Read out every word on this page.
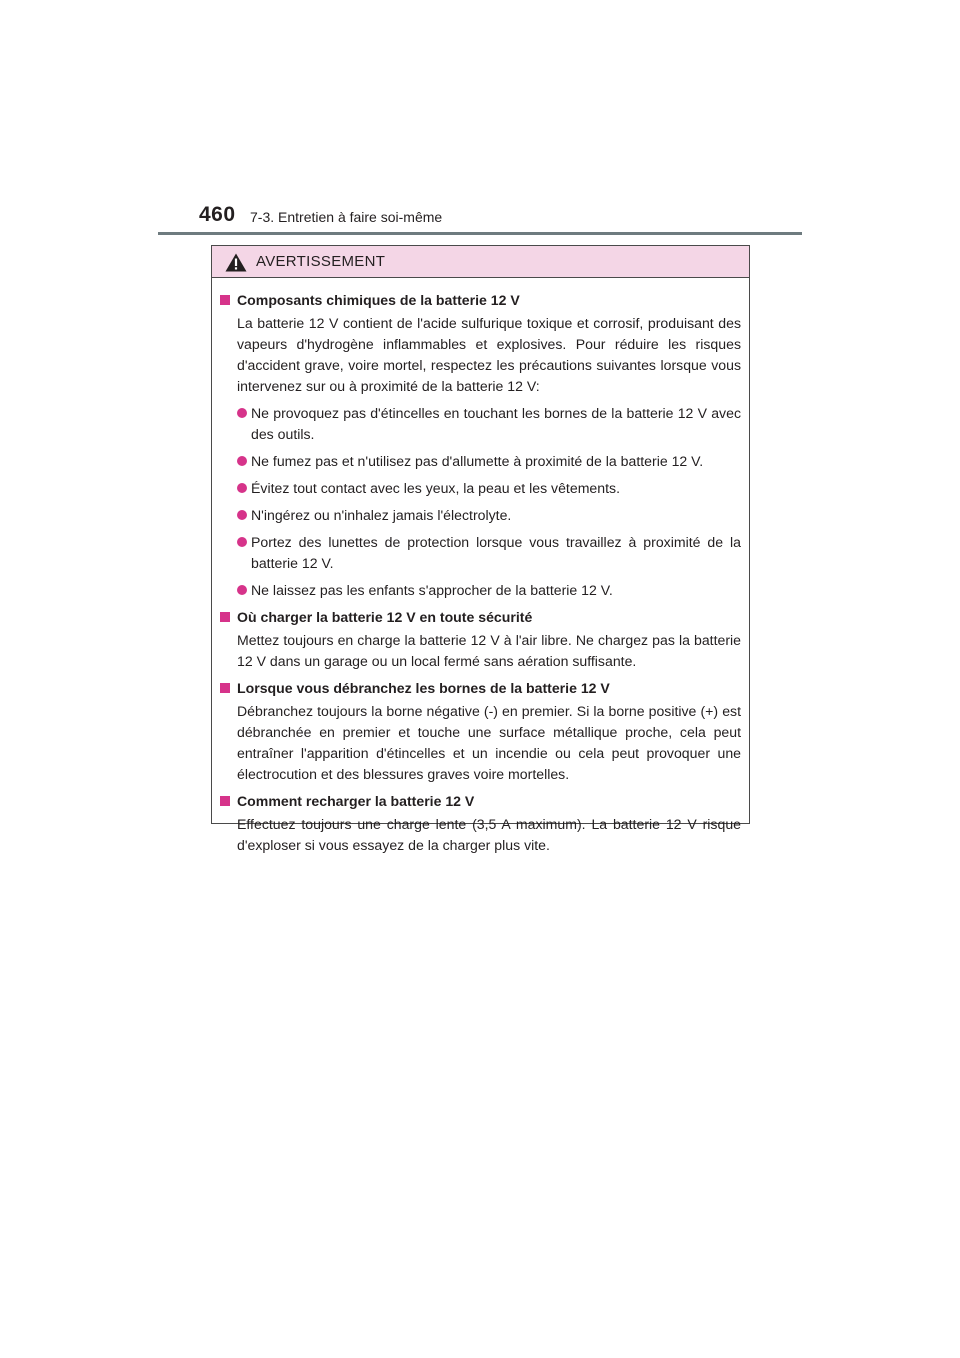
460 7-3. Entretien à faire soi-même
AVERTISSEMENT
Composants chimiques de la batterie 12 V
La batterie 12 V contient de l'acide sulfurique toxique et corrosif, produisant des vapeurs d'hydrogène inflammables et explosives. Pour réduire les risques d'accident grave, voire mortel, respectez les précautions suivantes lorsque vous intervenez sur ou à proximité de la batterie 12 V:
Ne provoquez pas d'étincelles en touchant les bornes de la batterie 12 V avec des outils.
Ne fumez pas et n'utilisez pas d'allumette à proximité de la batterie 12 V.
Évitez tout contact avec les yeux, la peau et les vêtements.
N'ingérez ou n'inhalez jamais l'électrolyte.
Portez des lunettes de protection lorsque vous travaillez à proximité de la batterie 12 V.
Ne laissez pas les enfants s'approcher de la batterie 12 V.
Où charger la batterie 12 V en toute sécurité
Mettez toujours en charge la batterie 12 V à l'air libre. Ne chargez pas la batterie 12 V dans un garage ou un local fermé sans aération suffisante.
Lorsque vous débranchez les bornes de la batterie 12 V
Débranchez toujours la borne négative (-) en premier. Si la borne positive (+) est débranchée en premier et touche une surface métallique proche, cela peut entraîner l'apparition d'étincelles et un incendie ou cela peut provoquer une électrocution et des blessures graves voire mortelles.
Comment recharger la batterie 12 V
Effectuez toujours une charge lente (3,5 A maximum). La batterie 12 V risque d'exploser si vous essayez de la charger plus vite.
